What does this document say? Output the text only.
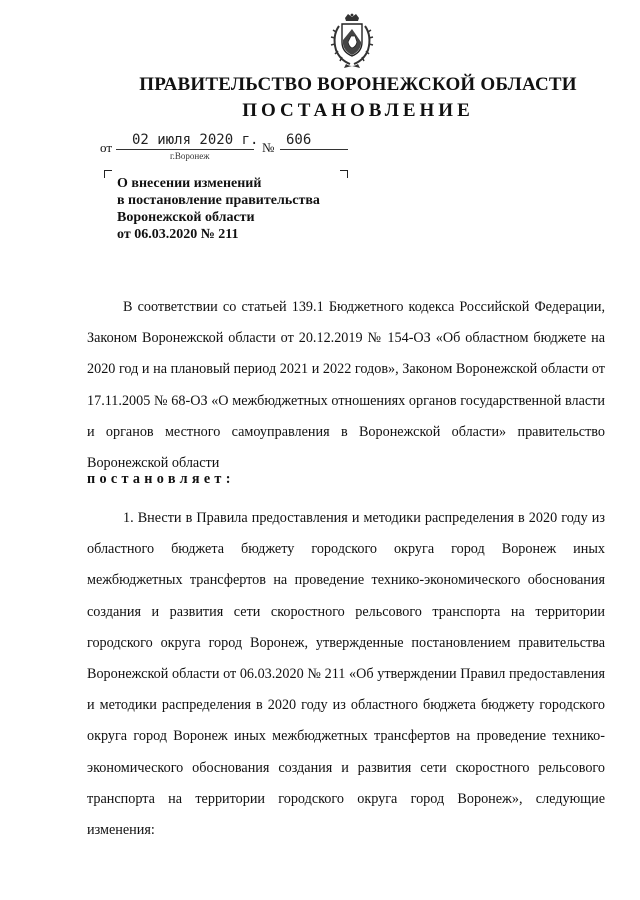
ПРАВИТЕЛЬСТВО ВОРОНЕЖСКОЙ ОБЛАСТИ
ПОСТАНОВЛЕНИЕ
от 02 июля 2020 г.
г.Воронеж
№ 606
О внесении изменений
в постановление правительства
Воронежской области
от 06.03.2020 № 211
В соответствии со статьей 139.1 Бюджетного кодекса Российской Федерации, Законом Воронежской области от 20.12.2019 № 154-ОЗ «Об областном бюджете на 2020 год и на плановый период 2021 и 2022 годов», Законом Воронежской области от 17.11.2005 № 68-ОЗ «О межбюджетных отношениях органов государственной власти и органов местного самоуправления в Воронежской области» правительство Воронежской области
постановляет:
1. Внести в Правила предоставления и методики распределения в 2020 году из областного бюджета бюджету городского округа город Воронеж иных межбюджетных трансфертов на проведение технико-экономического обоснования создания и развития сети скоростного рельсового транспорта на территории городского округа город Воронеж, утвержденные постановлением правительства Воронежской области от 06.03.2020 № 211 «Об утверждении Правил предоставления и методики распределения в 2020 году из областного бюджета бюджету городского округа город Воронеж иных межбюджетных трансфертов на проведение технико-экономического обоснования создания и развития сети скоростного рельсового транспорта на территории городского округа город Воронеж», следующие изменения:
